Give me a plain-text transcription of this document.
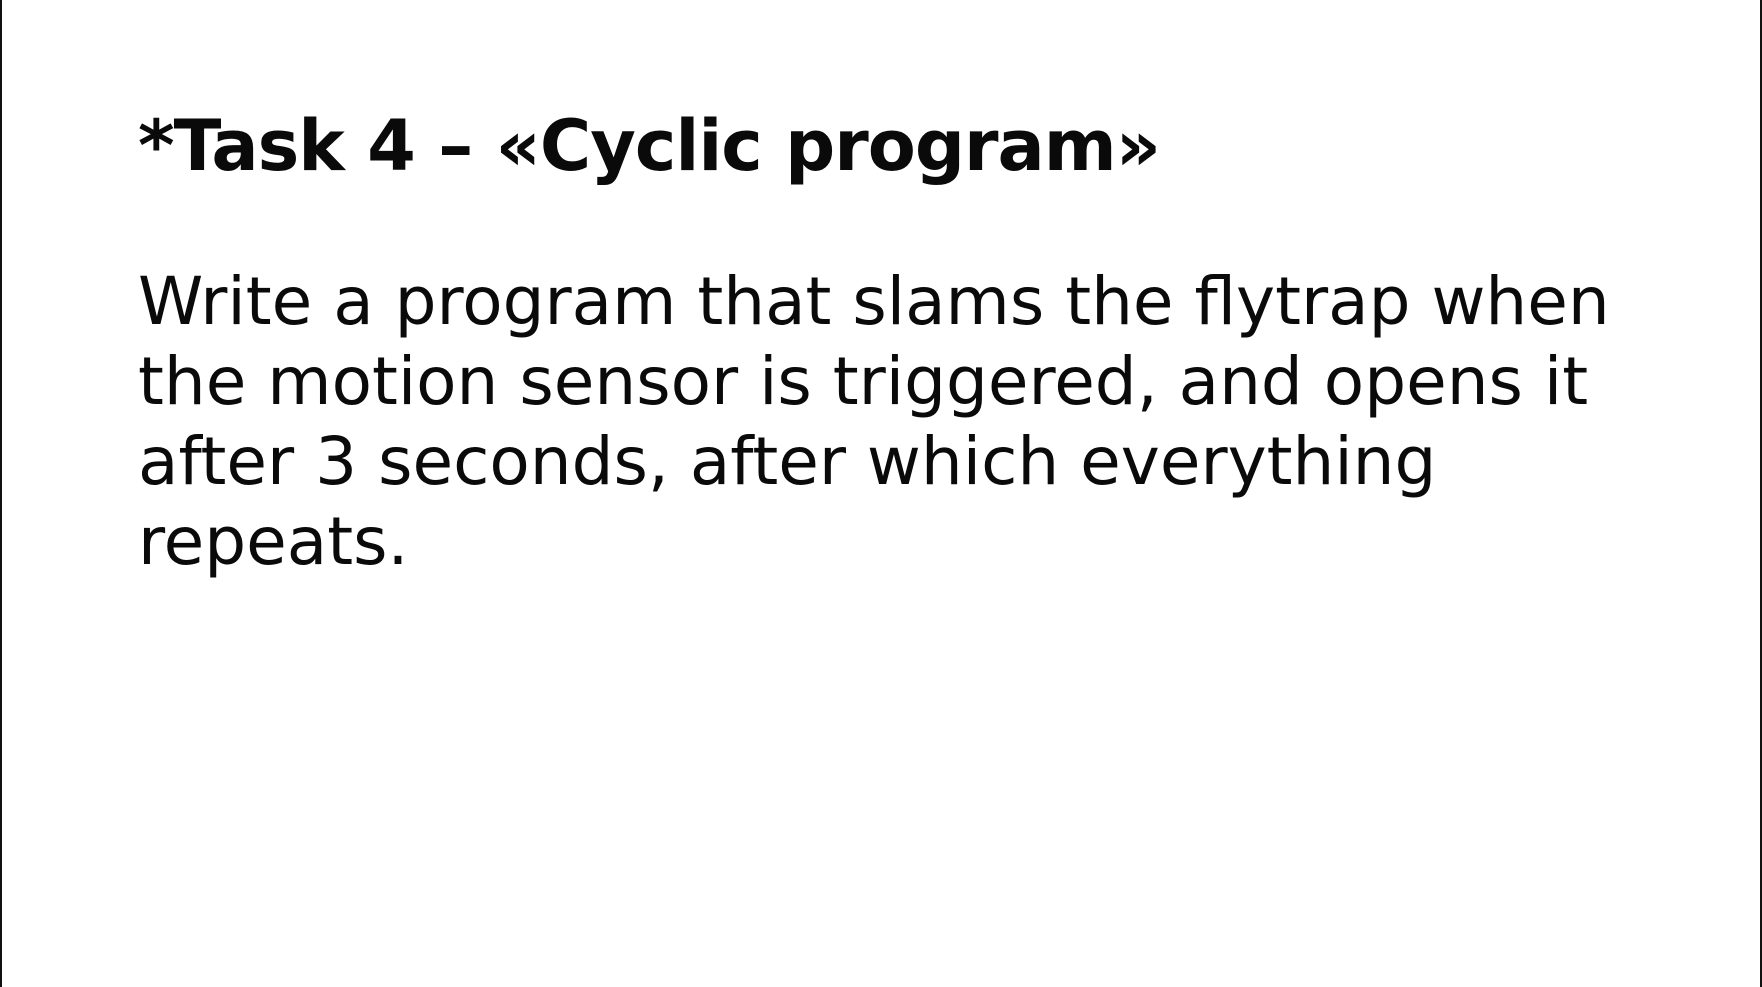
*Task 4 – «Cyclic program»

Write a program that slams the flytrap when the motion sensor is triggered, and opens it after 3 seconds, after which everything repeats.
